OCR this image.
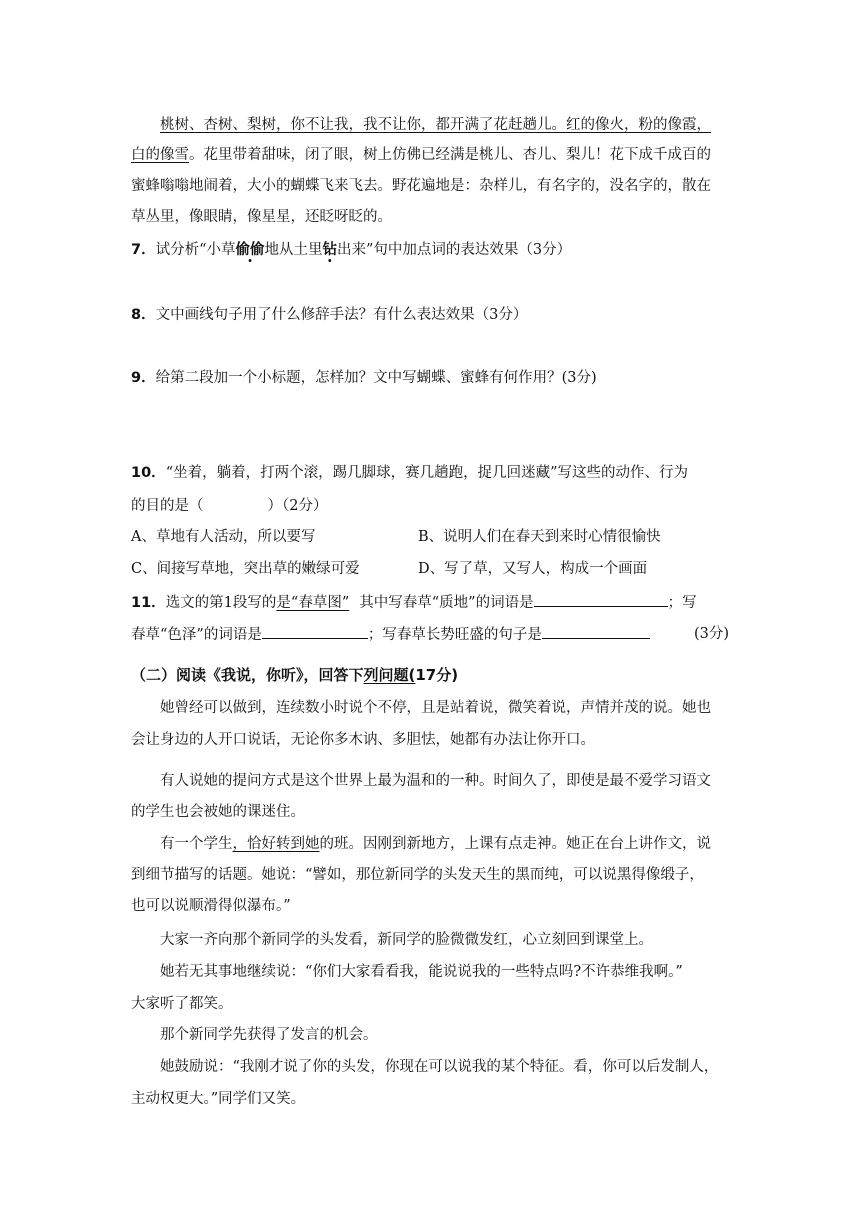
桃树、杏树、梨树，你不让我，我不让你，都开满了花赶趟儿。红的像火，粉的像霞，
白的像雪。花里带着甜味，闭了眼，树上仿佛已经满是桃儿、杏儿、梨儿！花下成千成百的
蜜蜂嗡嗡地闹着，大小的蝴蝶飞来飞去。野花遍地是：杂样儿，有名字的，没名字的，散在
草丛里，像眼睛，像星星，还眨呀眨的。
7．试分析“小草偷偷地从土里钻出来”句中加点词的表达效果（3分）
8．文中画线句子用了什么修辞手法？有什么表达效果（3分）
9．给第二段加一个小标题，怎样加？文中写蝴蝶、蜜蜂有何作用？(3分)
10．“坐着，躺着，打两个滚，踢几脚球，赛几趟跑，捉几回迷藏”写这些的动作、行为
的目的是（	）（2分）
A、草地有人活动，所以要写	B、说明人们在春天到来时心情很愉快
C、间接写草地，突出草的嫩绿可爱	D、写了草，又写人，构成一个画面
11．选文的第1段写的是“春草图” 其中写春草“质地”的词语是	；写
春草“色泽”的词语是	；写春草长势旺盛的句子是	(3分)
（二）阅读《我说，你听》，回答下列问题(17分)
她曾经可以做到，连续数小时说个不停，且是站着说，微笑着说，声情并茂的说。她也
会让身边的人开口说话，无论你多木讷、多胆怯，她都有办法让你开口。
有人说她的提问方式是这个世界上最为温和的一种。时间久了，即使是最不爱学习语文
的学生也会被她的课迷住。
有一个学生，恰好转到她的班。因刚到新地方，上课有点走神。她正在台上讲作文，说
到细节描写的话题。她说：“譬如，那位新同学的头发天生的黑而纯，可以说黑得像缎子，
也可以说顺滑得似瀑布。”
大家一齐向那个新同学的头发看，新同学的脸微微发红，心立刻回到课堂上。
她若无其事地继续说：“你们大家看看我，能说说我的一些特点吗?不许恭维我啊。”
大家听了都笑。
那个新同学先获得了发言的机会。
她鼓励说：“我刚才说了你的头发，你现在可以说我的某个特征。看，你可以后发制人，
主动权更大。”同学们又笑。
